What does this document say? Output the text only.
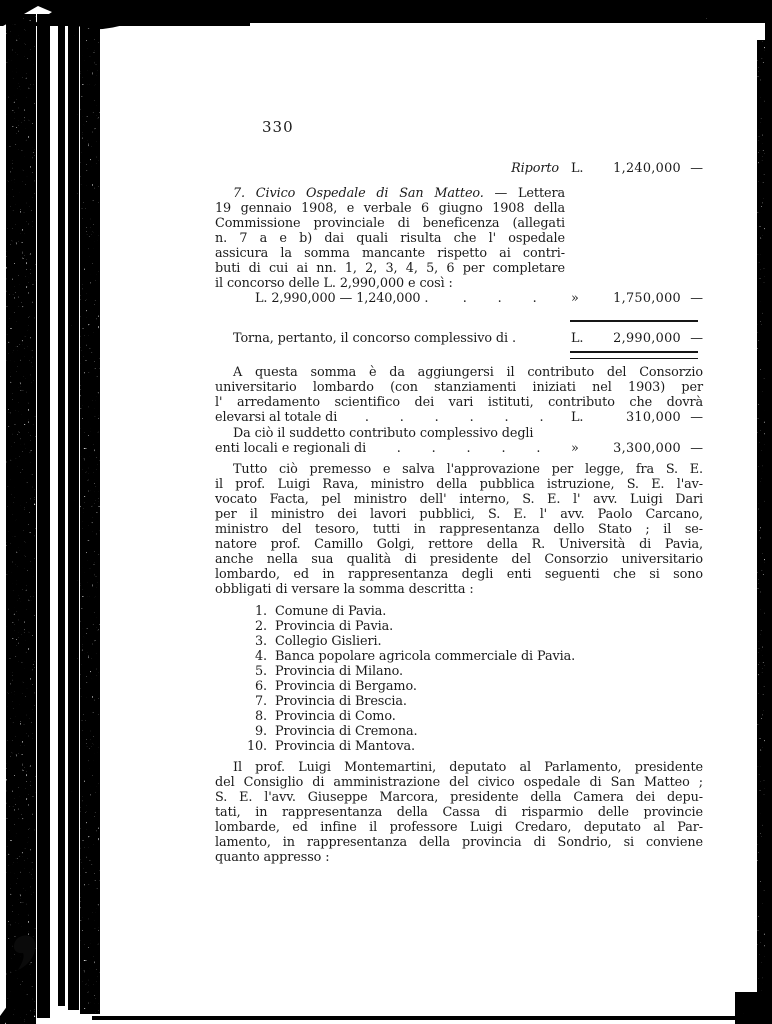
330
Riporto L.	1,240,000 —
7. Civico Ospedale di San Matteo. — Lettera
19 gennaio 1908, e verbale 6 giugno 1908 della
Commissione provinciale di beneficenza (allegati
n. 7 a e b) dai quali risulta che l' ospedale
assicura la somma mancante rispetto ai contri-
buti di cui ai nn. 1, 2, 3, 4, 5, 6 per completare
il concorso delle L. 2,990,000 e così :
L. 2,990,000 — 1,240,000 .	. . .	»	1,750,000 —
Torna, pertanto, il concorso complessivo di .	L.	2,990,000 —
A questa somma è da aggiungersi il contributo del Consorzio
universitario lombardo (con stanziamenti iniziati nel 1903) per
l' arredamento scientifico dei vari istituti, contributo che dovrà
elevarsi al totale di	. . . . . .	L.	310,000 —
Da ciò il suddetto contributo complessivo degli
enti locali e regionali di	. . . . .	»	3,300,000 —
Tutto ciò premesso e salva l'approvazione per legge, fra S. E.
il prof. Luigi Rava, ministro della pubblica istruzione, S. E. l'av-
vocato Facta, pel ministro dell' interno, S. E. l' avv. Luigi Dari
per il ministro dei lavori pubblici, S. E. l' avv. Paolo Carcano,
ministro del tesoro, tutti in rappresentanza dello Stato ; il se-
natore prof. Camillo Golgi, rettore della R. Università di Pavia,
anche nella sua qualità di presidente del Consorzio universitario
lombardo, ed in rappresentanza degli enti seguenti che si sono
obbligati di versare la somma descritta :
1. Comune di Pavia.
2. Provincia di Pavia.
3. Collegio Gislieri.
4. Banca popolare agricola commerciale di Pavia.
5. Provincia di Milano.
6. Provincia di Bergamo.
7. Provincia di Brescia.
8. Provincia di Como.
9. Provincia di Cremona.
10. Provincia di Mantova.
Il prof. Luigi Montemartini, deputato al Parlamento, presidente
del Consiglio di amministrazione del civico ospedale di San Matteo ;
S. E. l'avv. Giuseppe Marcora, presidente della Camera dei depu-
tati, in rappresentanza della Cassa di risparmio delle provincie
lombarde, ed infine il professore Luigi Credaro, deputato al Par-
lamento, in rappresentanza della provincia di Sondrio, si conviene
quanto appresso :
